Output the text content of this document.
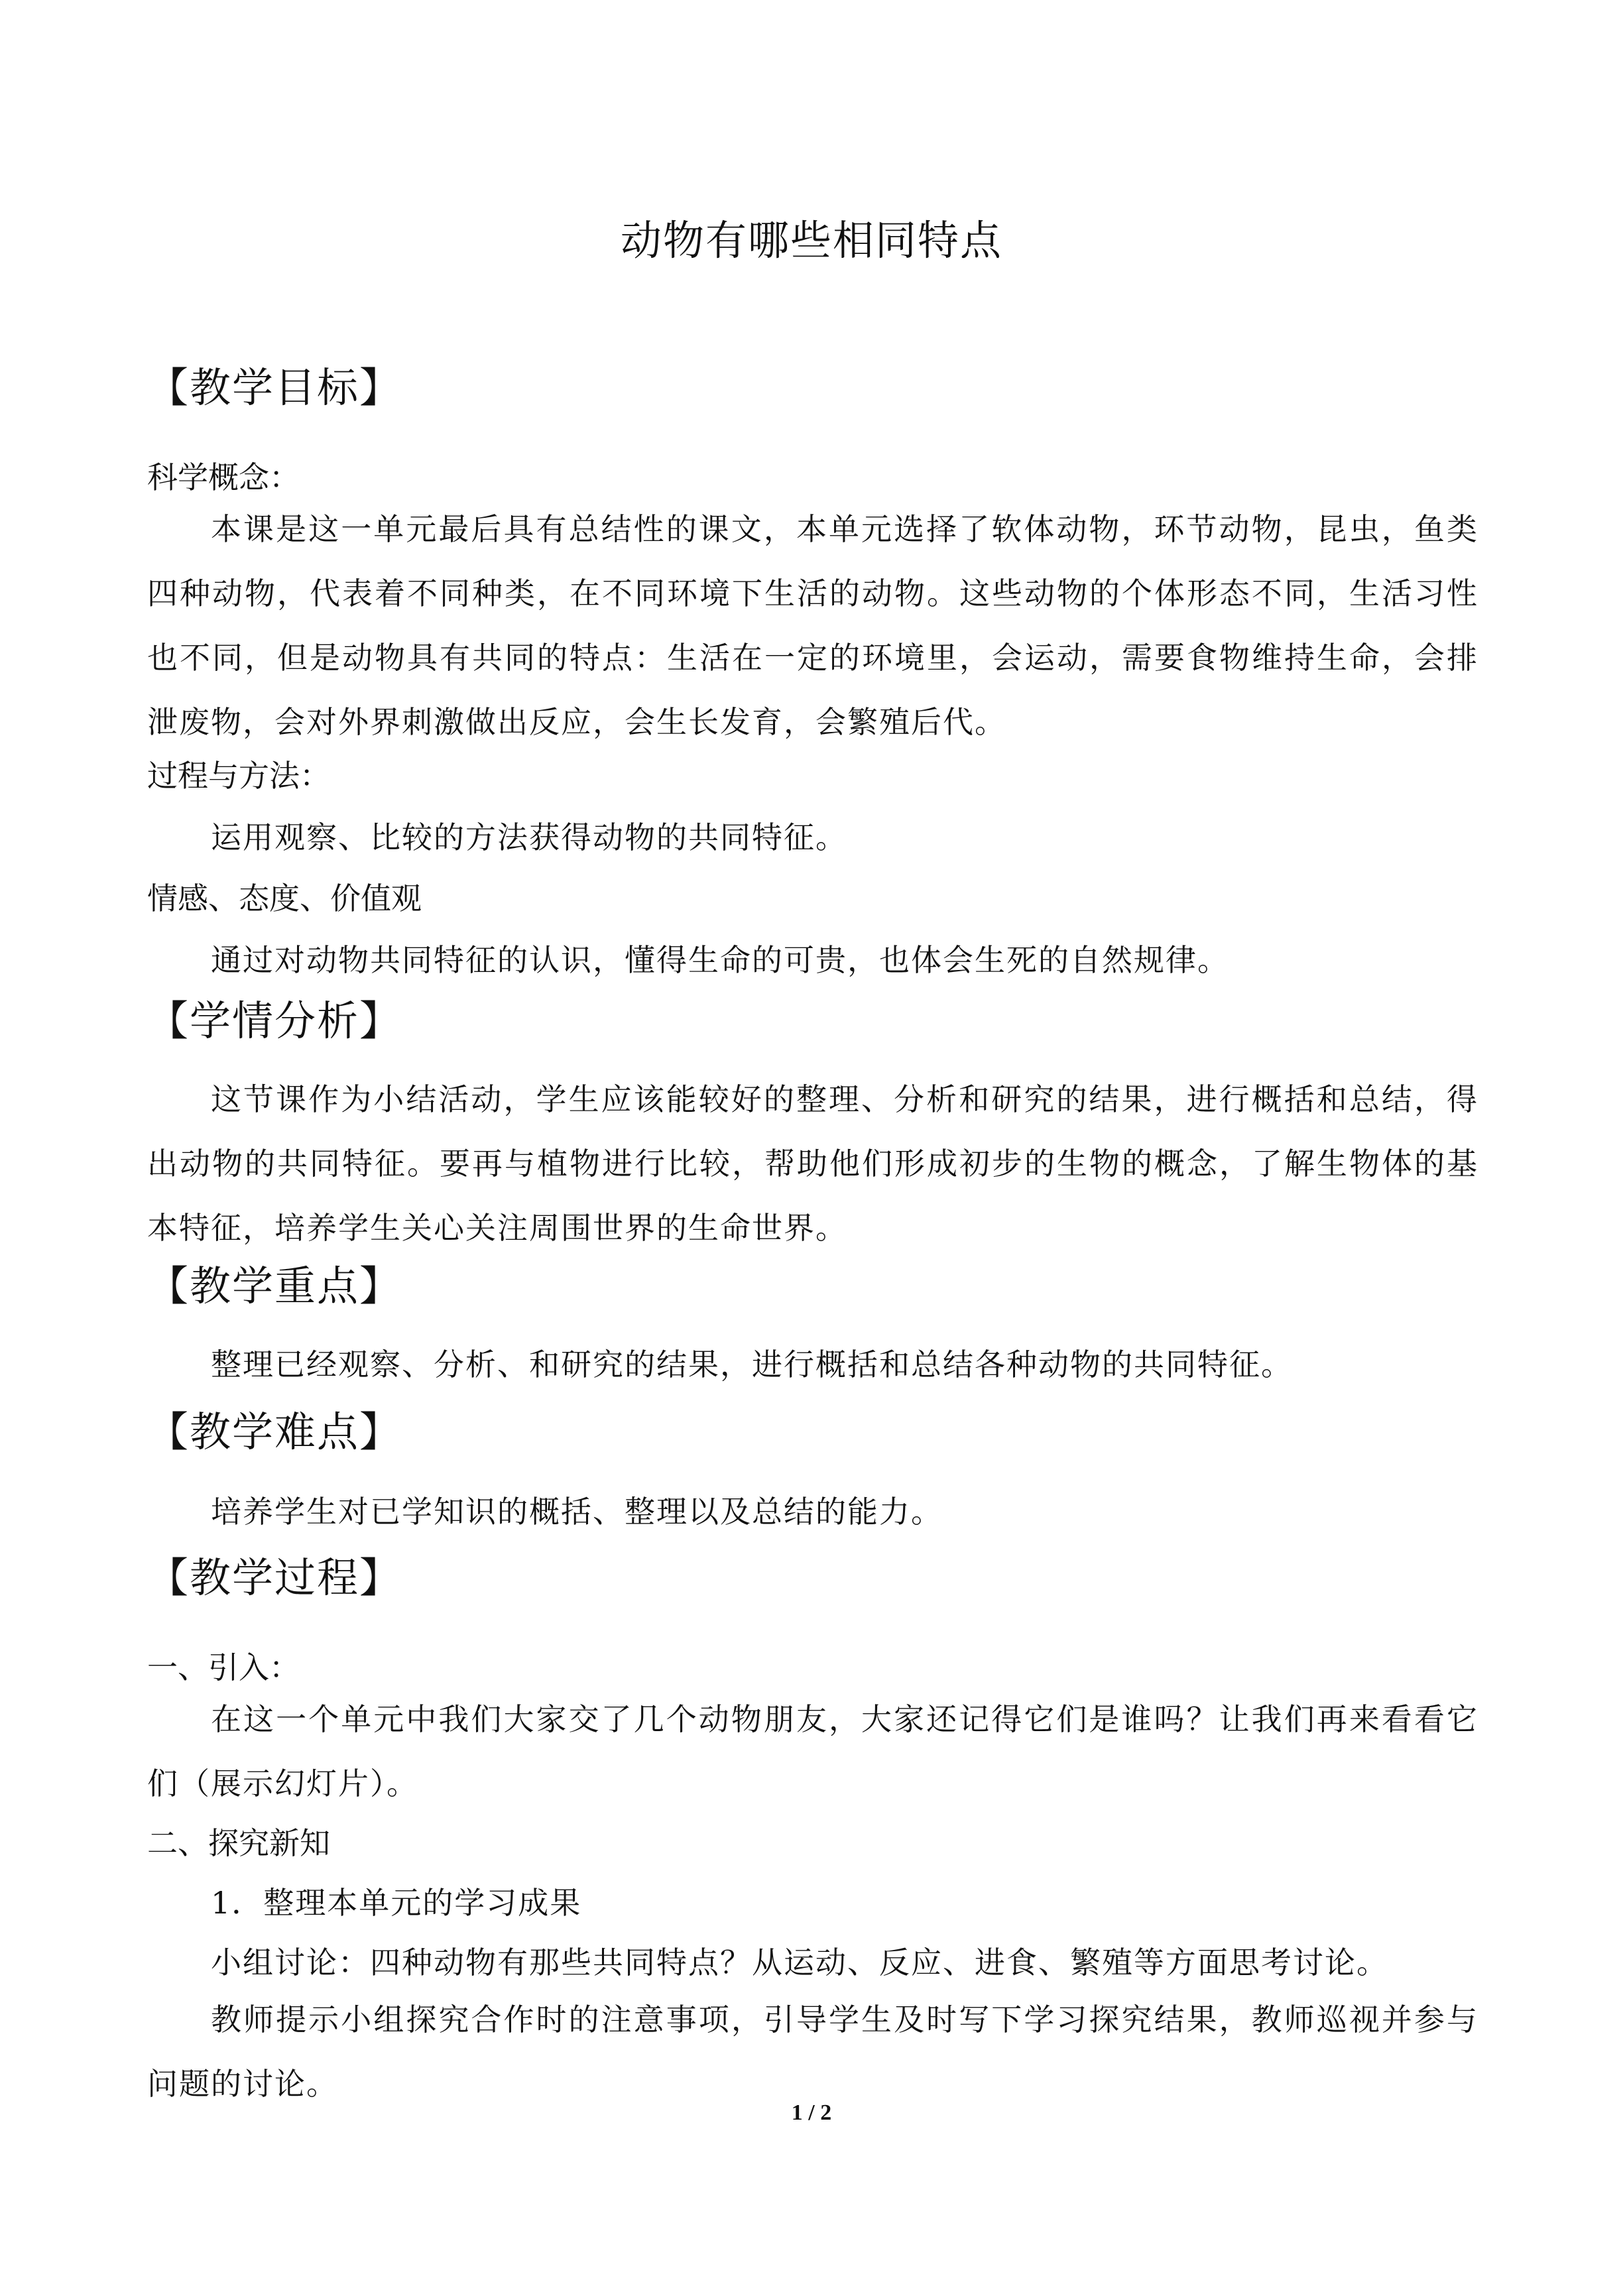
动物有哪些相同特点
【教学目标】
科学概念：
本课是这一单元最后具有总结性的课文，本单元选择了软体动物，环节动物，昆虫，鱼类四种动物，代表着不同种类，在不同环境下生活的动物。这些动物的个体形态不同，生活习性也不同，但是动物具有共同的特点：生活在一定的环境里，会运动，需要食物维持生命，会排泄废物，会对外界刺激做出反应，会生长发育，会繁殖后代。
过程与方法：
运用观察、比较的方法获得动物的共同特征。
情感、态度、价值观
通过对动物共同特征的认识，懂得生命的可贵，也体会生死的自然规律。
【学情分析】
这节课作为小结活动，学生应该能较好的整理、分析和研究的结果，进行概括和总结，得出动物的共同特征。要再与植物进行比较，帮助他们形成初步的生物的概念，了解生物体的基本特征，培养学生关心关注周围世界的生命世界。
【教学重点】
整理已经观察、分析、和研究的结果，进行概括和总结各种动物的共同特征。
【教学难点】
培养学生对已学知识的概括、整理以及总结的能力。
【教学过程】
一、引入：
在这一个单元中我们大家交了几个动物朋友，大家还记得它们是谁吗？让我们再来看看它们（展示幻灯片）。
二、探究新知
1．整理本单元的学习成果
小组讨论：四种动物有那些共同特点？从运动、反应、进食、繁殖等方面思考讨论。
教师提示小组探究合作时的注意事项，引导学生及时写下学习探究结果，教师巡视并参与问题的讨论。
1 / 2
